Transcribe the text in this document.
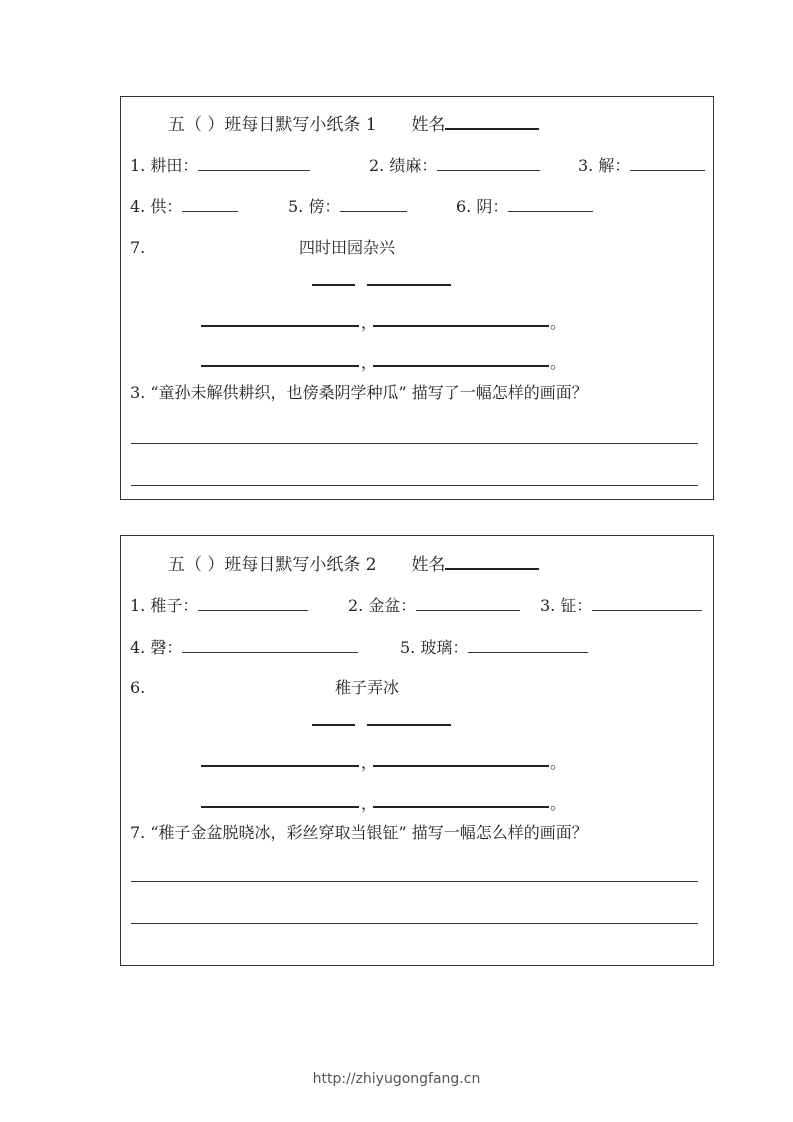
五（ ）班每日默写小纸条 1 姓名
1. 耕田：	2. 绩麻：	3. 解：
4. 供：	5. 傍：	6. 阴：
7.	四时田园杂兴
，	。
，	。
3. “童孙未解供耕织，也傍桑阴学种瓜” 描写了一幅怎样的画面？
五（ ）班每日默写小纸条 2 姓名
1. 稚子：	2. 金盆：	3. 钲：
4. 磬：	5. 玻璃：
6.	稚子弄冰
，	。
，	。
7. “稚子金盆脱晓冰，彩丝穿取当银钲” 描写一幅怎么样的画面？
http://zhiyugongfang.cn
